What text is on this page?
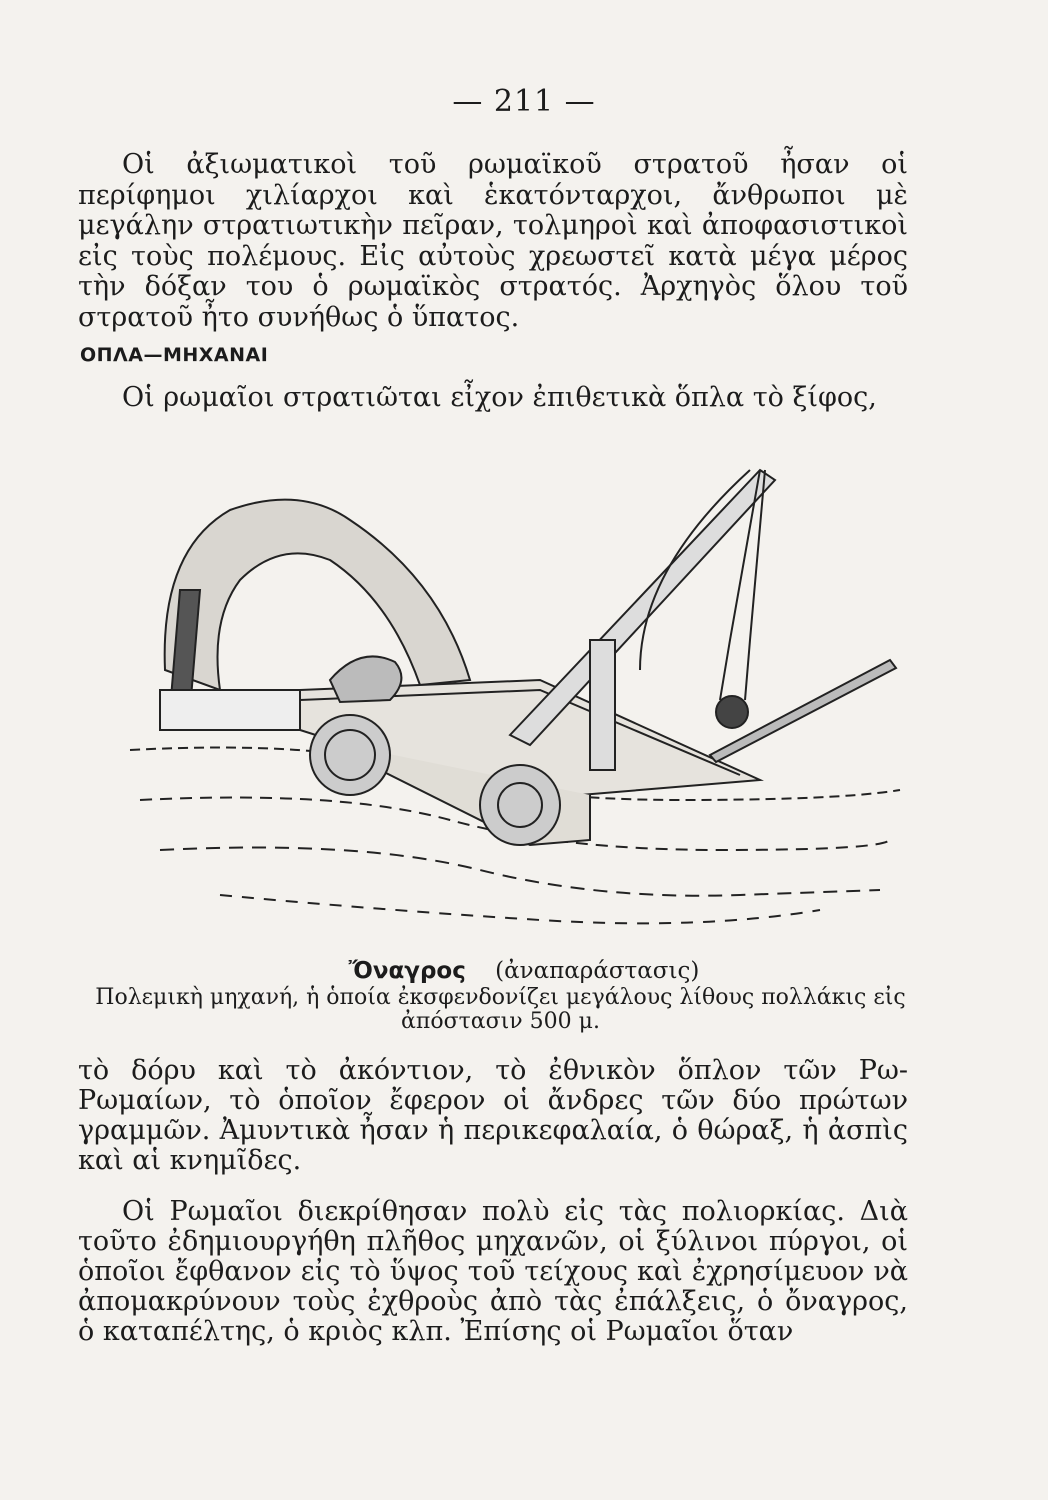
— 211 —

Οἱ ἀξιωματικοὶ τοῦ ρωμαϊκοῦ στρατοῦ ἦσαν οἱ περίφημοι χιλίαρχοι καὶ ἑκατόνταρχοι, ἄνθρωποι μὲ μεγάλην στρατιωτικὴν πεῖραν, τολμηροὶ καὶ ἀποφασιστικοὶ εἰς τοὺς πολέμους. Εἰς αὐτοὺς χρεωστεῖ κατὰ μέγα μέρος τὴν δόξαν του ὁ ρωμαϊκὸς στρατός. Ἀρχηγὸς ὅλου τοῦ στρατοῦ ἦτο συνήθως ὁ ὕπατος.

ΟΠΛΑ—ΜΗΧΑΝΑΙ

Οἱ ρωμαῖοι στρατιῶται εἶχον ἐπιθετικὰ ὅπλα τὸ ξίφος,

Ὄναγρος (ἀναπαράστασις)
Πολεμικὴ μηχανή, ἡ ὁποία ἐκσφενδονίζει μεγάλους λίθους πολλάκις εἰς ἀπόστασιν 500 μ.

τὸ δόρυ καὶ τὸ ἀκόντιον, τὸ ἐθνικὸν ὅπλον τῶν Ρω-Ρωμαίων, τὸ ὁποῖον ἔφερον οἱ ἄνδρες τῶν δύο πρώτων γραμμῶν. Ἀμυντικὰ ἦσαν ἡ περικεφαλαία, ὁ θώραξ, ἡ ἀσπὶς καὶ αἱ κνημῖδες.

Οἱ Ρωμαῖοι διεκρίθησαν πολὺ εἰς τὰς πολιορκίας. Διὰ τοῦτο ἐδημιουργήθη πλῆθος μηχανῶν, οἱ ξύλινοι πύργοι, οἱ ὁποῖοι ἔφθανον εἰς τὸ ὕψος τοῦ τείχους καὶ ἐχρησίμευον νὰ ἀπομακρύνουν τοὺς ἐχθροὺς ἀπὸ τὰς ἐπάλξεις, ὁ ὄναγρος, ὁ καταπέλτης, ὁ κριὸς κλπ. Ἐπίσης οἱ Ρωμαῖοι ὅταν
